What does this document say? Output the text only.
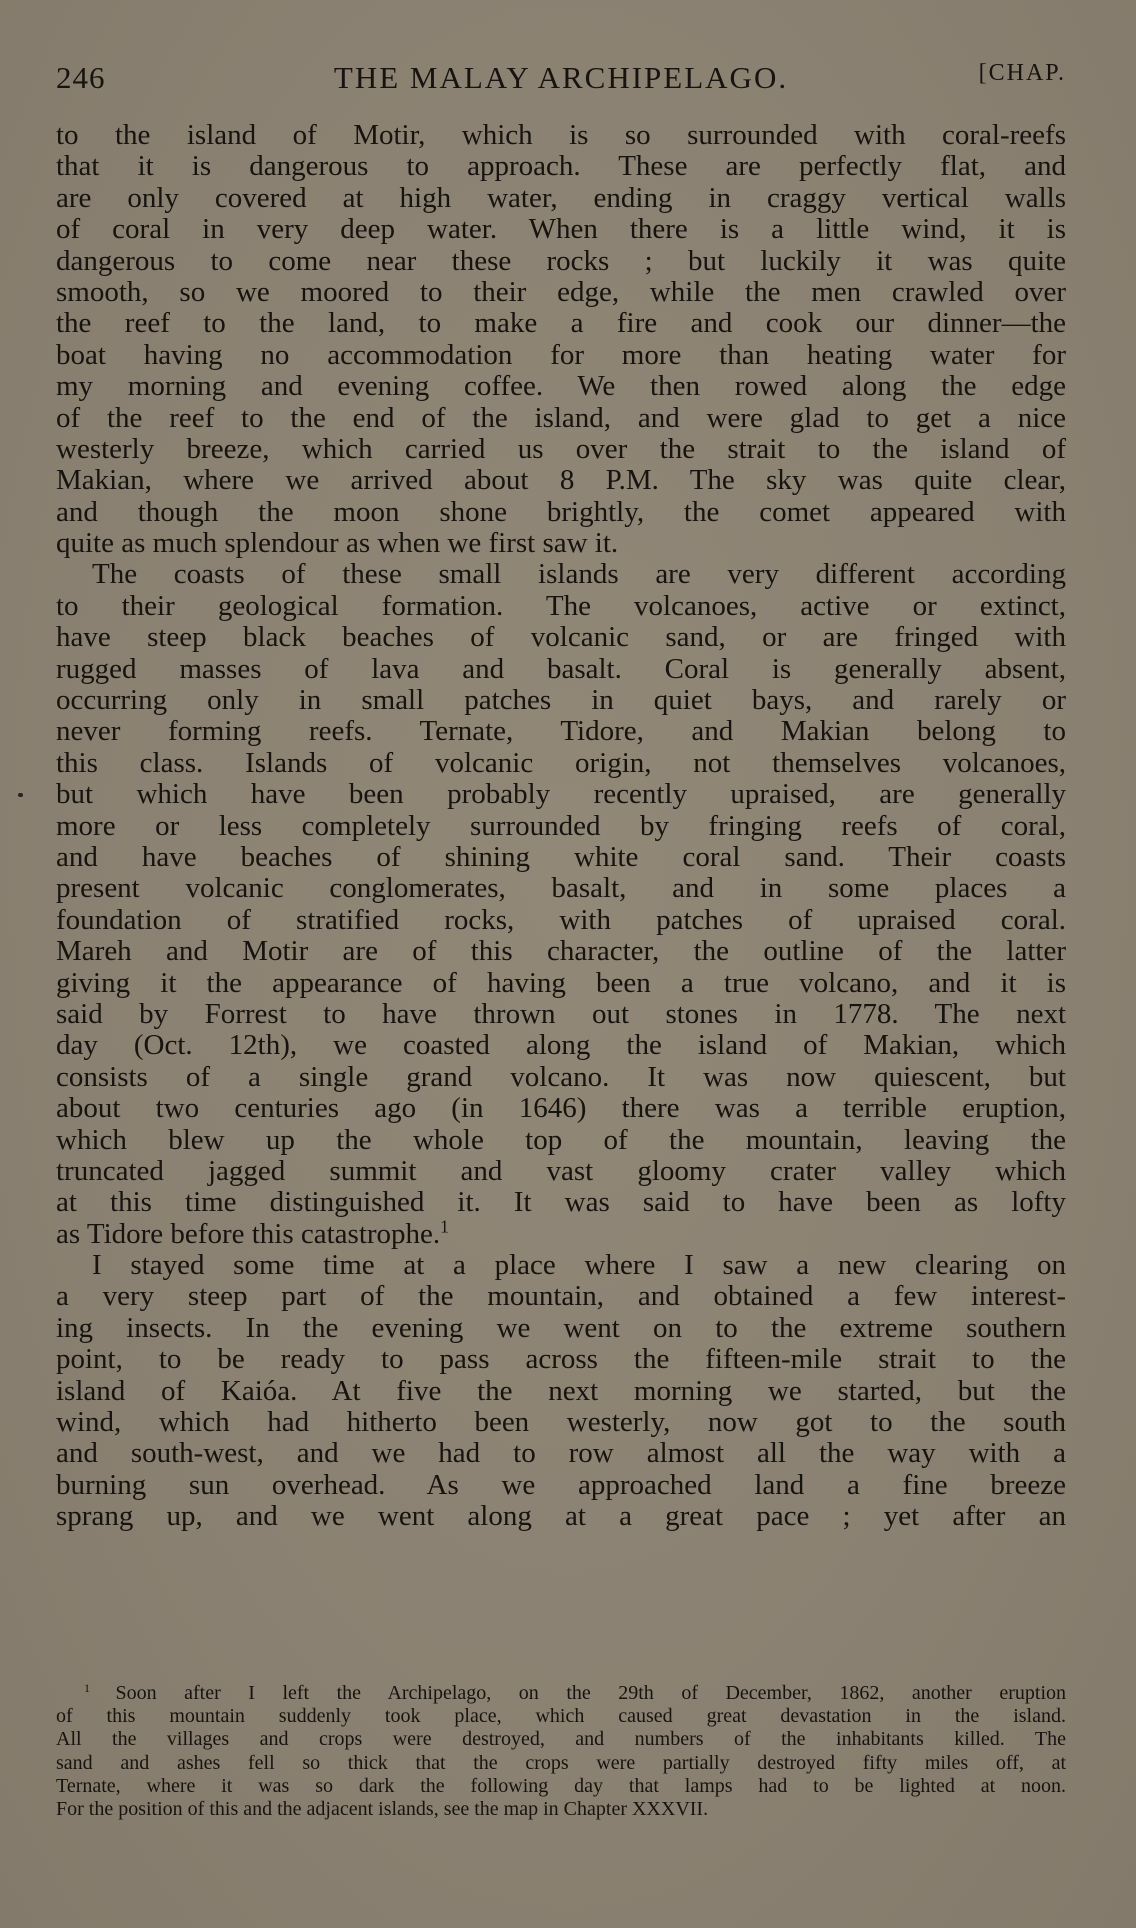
246	THE MALAY ARCHIPELAGO.	[CHAP.
to the island of Motir, which is so surrounded with coral-reefs
that it is dangerous to approach. These are perfectly flat, and
are only covered at high water, ending in craggy vertical walls
of coral in very deep water. When there is a little wind, it is
dangerous to come near these rocks ; but luckily it was quite
smooth, so we moored to their edge, while the men crawled over
the reef to the land, to make a fire and cook our dinner—the
boat having no accommodation for more than heating water for
my morning and evening coffee. We then rowed along the edge
of the reef to the end of the island, and were glad to get a nice
westerly breeze, which carried us over the strait to the island of
Makian, where we arrived about 8 P.M. The sky was quite clear,
and though the moon shone brightly, the comet appeared with
quite as much splendour as when we first saw it.
The coasts of these small islands are very different according
to their geological formation. The volcanoes, active or extinct,
have steep black beaches of volcanic sand, or are fringed with
rugged masses of lava and basalt. Coral is generally absent,
occurring only in small patches in quiet bays, and rarely or
never forming reefs. Ternate, Tidore, and Makian belong to
this class. Islands of volcanic origin, not themselves volcanoes,
but which have been probably recently upraised, are generally
more or less completely surrounded by fringing reefs of coral,
and have beaches of shining white coral sand. Their coasts
present volcanic conglomerates, basalt, and in some places a
foundation of stratified rocks, with patches of upraised coral.
Mareh and Motir are of this character, the outline of the latter
giving it the appearance of having been a true volcano, and it is
said by Forrest to have thrown out stones in 1778. The next
day (Oct. 12th), we coasted along the island of Makian, which
consists of a single grand volcano. It was now quiescent, but
about two centuries ago (in 1646) there was a terrible eruption,
which blew up the whole top of the mountain, leaving the
truncated jagged summit and vast gloomy crater valley which
at this time distinguished it. It was said to have been as lofty
as Tidore before this catastrophe.$^1$
I stayed some time at a place where I saw a new clearing on
a very steep part of the mountain, and obtained a few interest-
ing insects. In the evening we went on to the extreme southern
point, to be ready to pass across the fifteen-mile strait to the
island of Kaióa. At five the next morning we started, but the
wind, which had hitherto been westerly, now got to the south
and south-west, and we had to row almost all the way with a
burning sun overhead. As we approached land a fine breeze
sprang up, and we went along at a great pace ; yet after an
$^1$ Soon after I left the Archipelago, on the 29th of December, 1862, another eruption
of this mountain suddenly took place, which caused great devastation in the island.
All the villages and crops were destroyed, and numbers of the inhabitants killed. The
sand and ashes fell so thick that the crops were partially destroyed fifty miles off, at
Ternate, where it was so dark the following day that lamps had to be lighted at noon.
For the position of this and the adjacent islands, see the map in Chapter XXXVII.
